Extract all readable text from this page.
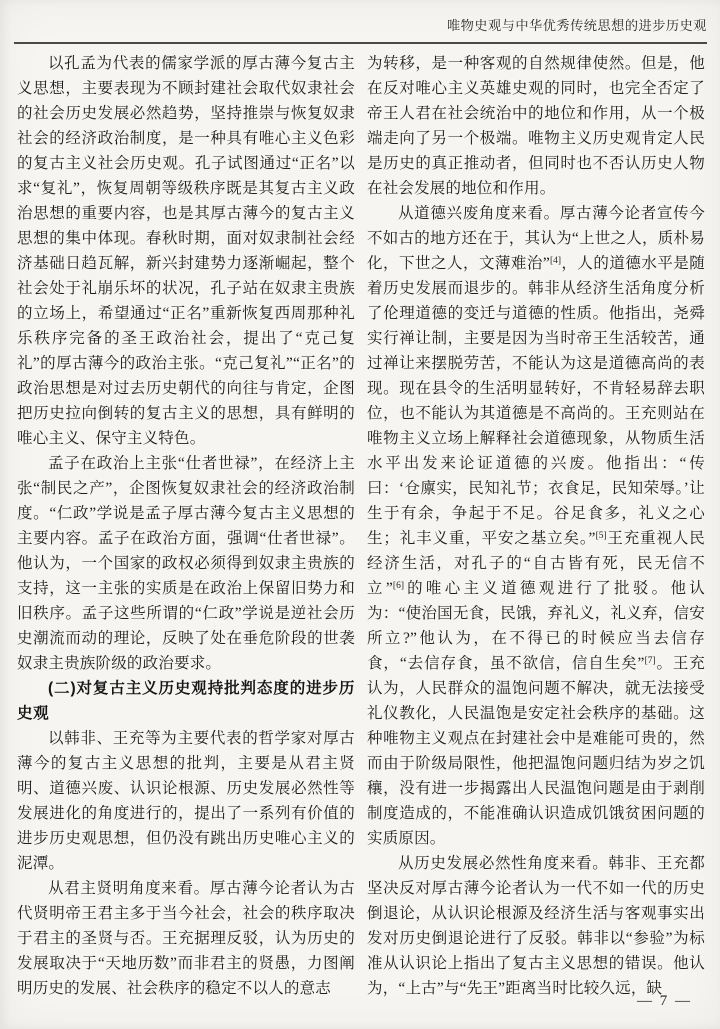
唯物史观与中华优秀传统思想的进步历史观

以孔孟为代表的儒家学派的厚古薄今复古主义思想，主要表现为不顾封建社会取代奴隶社会的社会历史发展必然趋势，坚持推崇与恢复奴隶社会的经济政治制度，是一种具有唯心主义色彩的复古主义社会历史观。孔子试图通过“正名”以求“复礼”，恢复周朝等级秩序既是其复古主义政治思想的重要内容，也是其厚古薄今的复古主义思想的集中体现。春秋时期，面对奴隶制社会经济基础日趋瓦解，新兴封建势力逐渐崛起，整个社会处于礼崩乐坏的状况，孔子站在奴隶主贵族的立场上，希望通过“正名”重新恢复西周那种礼乐秩序完备的圣王政治社会，提出了“克己复礼”的厚古薄今的政治主张。“克己复礼”“正名”的政治思想是对过去历史朝代的向往与肯定，企图把历史拉向倒转的复古主义的思想，具有鲜明的唯心主义、保守主义特色。

孟子在政治上主张“仕者世禄”，在经济上主张“制民之产”，企图恢复奴隶社会的经济政治制度。“仁政”学说是孟子厚古薄今复古主义思想的主要内容。孟子在政治方面，强调“仕者世禄”。他认为，一个国家的政权必须得到奴隶主贵族的支持，这一主张的实质是在政治上保留旧势力和旧秩序。孟子这些所谓的“仁政”学说是逆社会历史潮流而动的理论，反映了处在垂危阶段的世袭奴隶主贵族阶级的政治要求。

(二)对复古主义历史观持批判态度的进步历史观

以韩非、王充等为主要代表的哲学家对厚古薄今的复古主义思想的批判，主要是从君主贤明、道德兴废、认识论根源、历史发展必然性等发展进化的角度进行的，提出了一系列有价值的进步历史观思想，但仍没有跳出历史唯心主义的泥潭。

从君主贤明角度来看。厚古薄今论者认为古代贤明帝王君主多于当今社会，社会的秩序取决于君主的圣贤与否。王充据理反驳，认为历史的发展取决于“天地历数”而非君主的贤愚，力图阐明历史的发展、社会秩序的稳定不以人的意志

为转移，是一种客观的自然规律使然。但是，他在反对唯心主义英雄史观的同时，也完全否定了帝王人君在社会统治中的地位和作用，从一个极端走向了另一个极端。唯物主义历史观肯定人民是历史的真正推动者，但同时也不否认历史人物在社会发展的地位和作用。

从道德兴废角度来看。厚古薄今论者宣传今不如古的地方还在于，其认为“上世之人，质朴易化，下世之人，文薄难治”[4]，人的道德水平是随着历史发展而退步的。韩非从经济生活角度分析了伦理道德的变迁与道德的性质。他指出，尧舜实行禅让制，主要是因为当时帝王生活较苦，通过禅让来摆脱劳苦，不能认为这是道德高尚的表现。现在县令的生活明显转好，不肯轻易辞去职位，也不能认为其道德是不高尚的。王充则站在唯物主义立场上解释社会道德现象，从物质生活水平出发来论证道德的兴废。他指出：“传曰：‘仓廪实，民知礼节；衣食足，民知荣辱。’让生于有余，争起于不足。谷足食多，礼义之心生；礼丰义重，平安之基立矣。”[5]王充重视人民经济生活，对孔子的“自古皆有死，民无信不立”[6]的唯心主义道德观进行了批驳。他认为：“使治国无食，民饿，弃礼义，礼义弃，信安所立?”他认为，在不得已的时候应当去信存食，“去信存食，虽不欲信，信自生矣”[7]。王充认为，人民群众的温饱问题不解决，就无法接受礼仪教化，人民温饱是安定社会秩序的基础。这种唯物主义观点在封建社会中是难能可贵的，然而由于阶级局限性，他把温饱问题归结为岁之饥穰，没有进一步揭露出人民温饱问题是由于剥削制度造成的，不能准确认识造成饥饿贫困问题的实质原因。

从历史发展必然性角度来看。韩非、王充都坚决反对厚古薄今论者认为一代不如一代的历史倒退论，从认识论根源及经济生活与客观事实出发对历史倒退论进行了反驳。韩非以“参验”为标准从认识论上指出了复古主义思想的错误。他认为，“上古”与“先王”距离当时比较久远，缺

— 7 —
